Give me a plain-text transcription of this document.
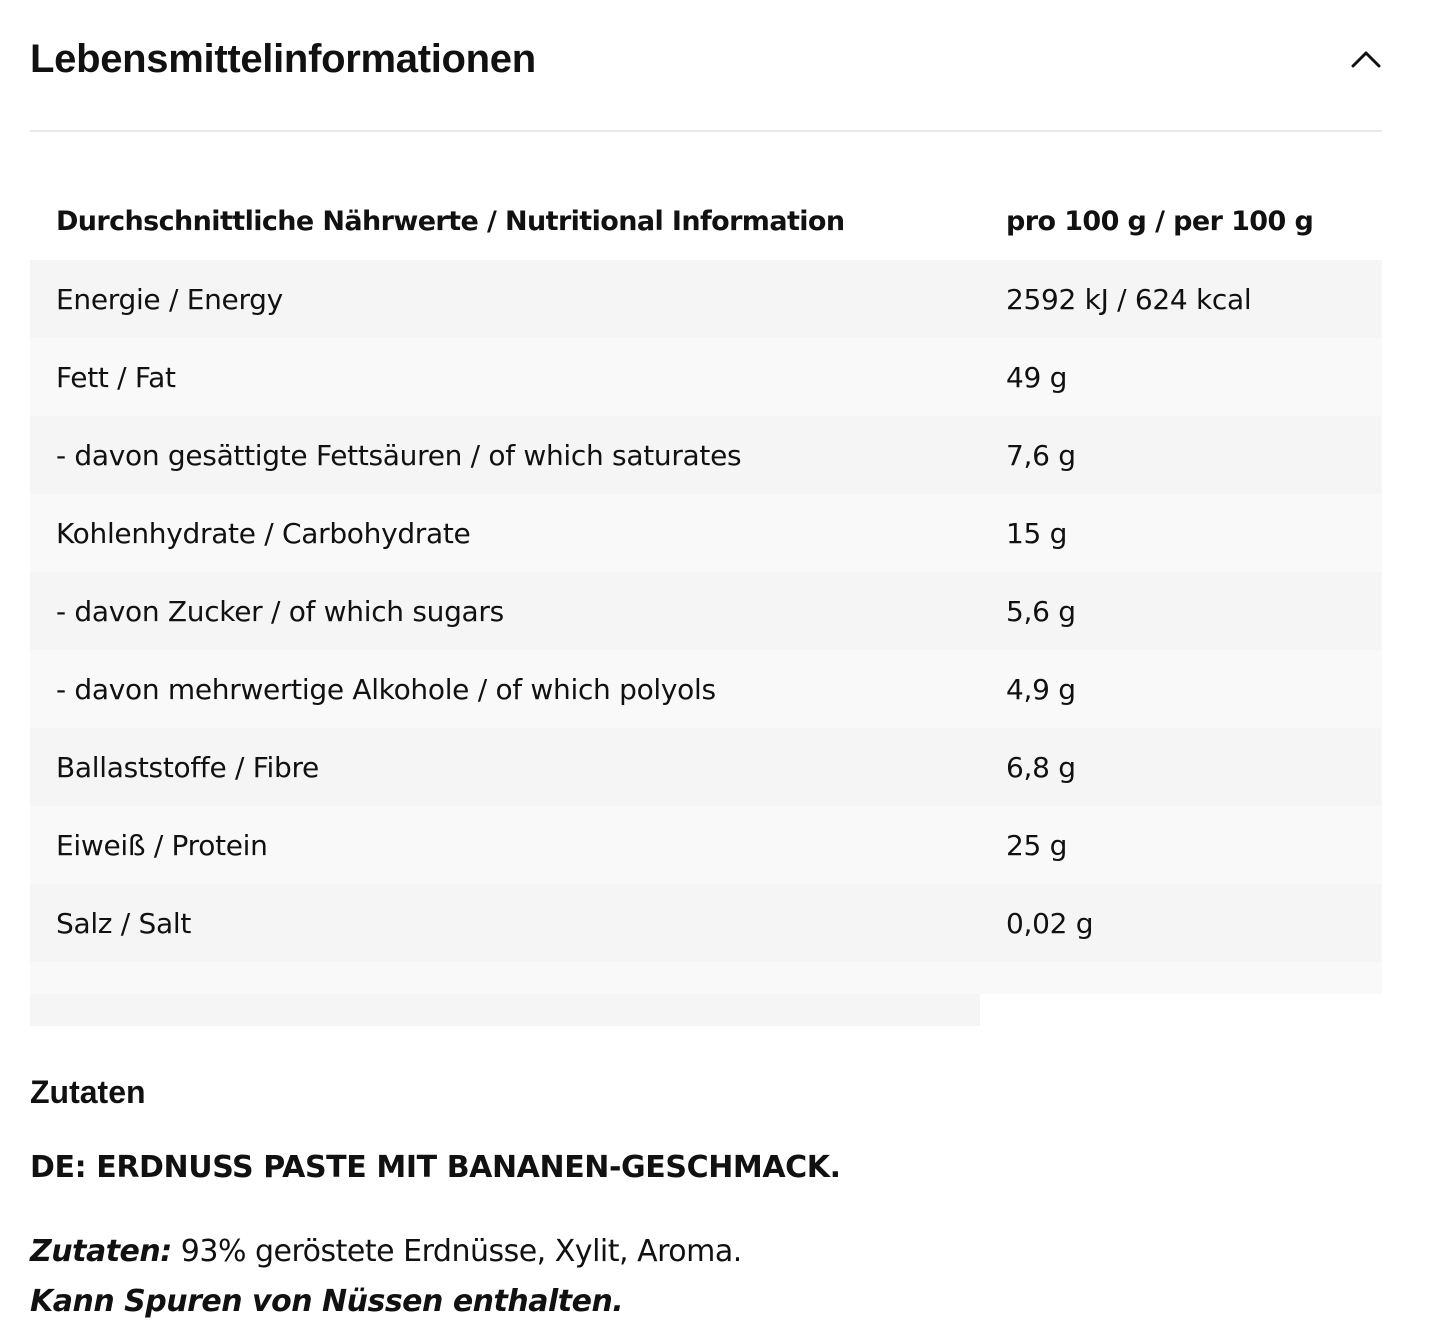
Lebensmittelinformationen
Durchschnittliche Nährwerte / Nutritional Information	pro 100 g / per 100 g
Energie / Energy	2592 kJ / 624 kcal
Fett / Fat	49 g
- davon gesättigte Fettsäuren / of which saturates	7,6 g
Kohlenhydrate / Carbohydrate	15 g
- davon Zucker / of which sugars	5,6 g
- davon mehrwertige Alkohole / of which polyols	4,9 g
Ballaststoffe / Fibre	6,8 g
Eiweiß / Protein	25 g
Salz / Salt	0,02 g
Zutaten
DE: ERDNUSS PASTE MIT BANANEN-GESCHMACK.
Zutaten: 93% geröstete Erdnüsse, Xylit, Aroma.
Kann Spuren von Nüssen enthalten.
